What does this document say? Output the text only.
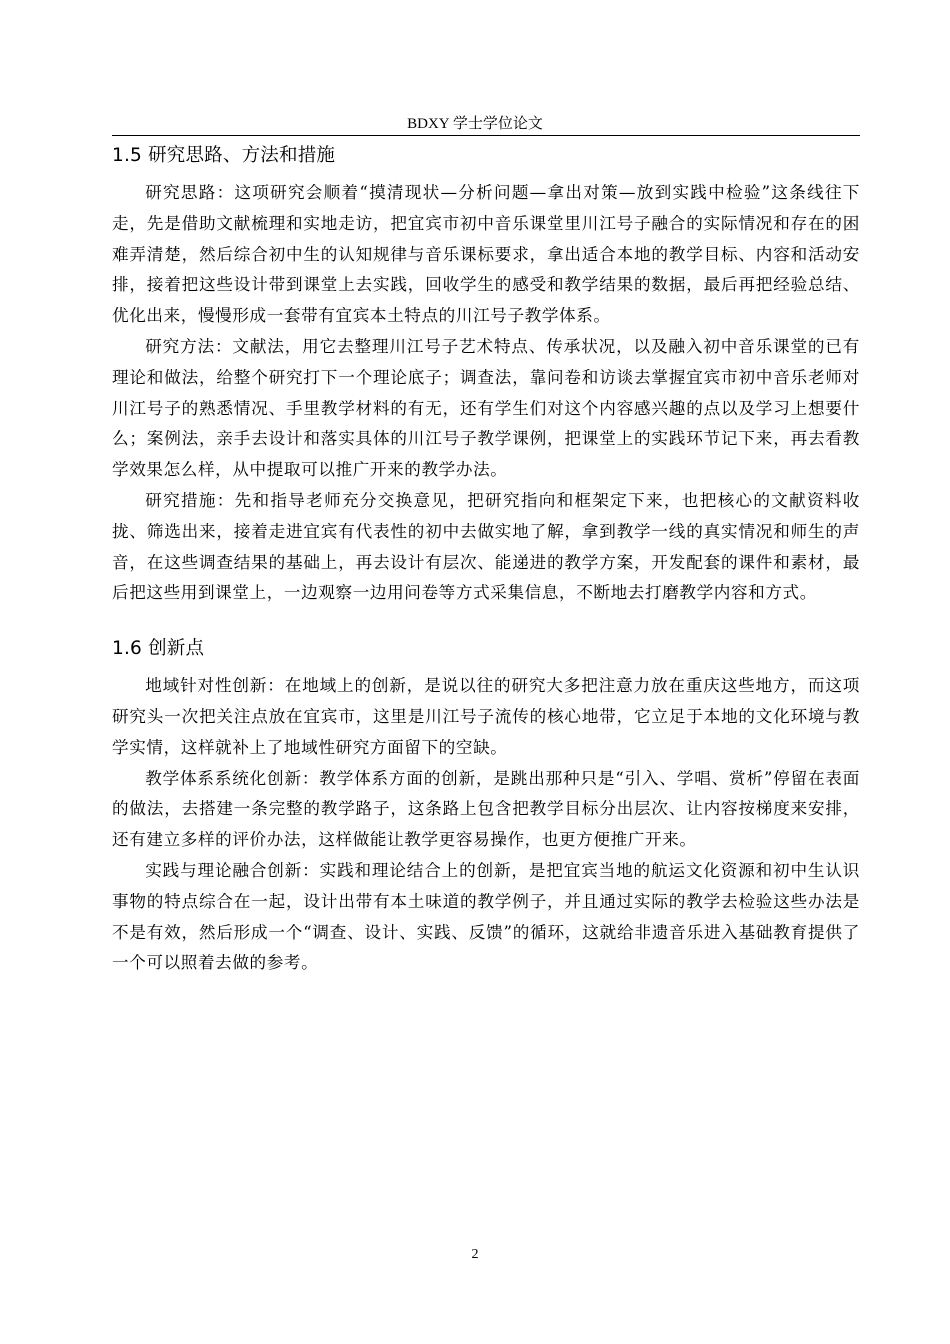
BDXY 学士学位论文
1.5 研究思路、方法和措施

研究思路：这项研究会顺着“摸清现状—分析问题—拿出对策—放到实践中检验”这条线往下走，先是借助文献梳理和实地走访，把宜宾市初中音乐课堂里川江号子融合的实际情况和存在的困难弄清楚，然后综合初中生的认知规律与音乐课标要求，拿出适合本地的教学目标、内容和活动安排，接着把这些设计带到课堂上去实践，回收学生的感受和教学结果的数据，最后再把经验总结、优化出来，慢慢形成一套带有宜宾本土特点的川江号子教学体系。

研究方法：文献法，用它去整理川江号子艺术特点、传承状况，以及融入初中音乐课堂的已有理论和做法，给整个研究打下一个理论底子；调查法，靠问卷和访谈去掌握宜宾市初中音乐老师对川江号子的熟悉情况、手里教学材料的有无，还有学生们对这个内容感兴趣的点以及学习上想要什么；案例法，亲手去设计和落实具体的川江号子教学课例，把课堂上的实践环节记下来，再去看教学效果怎么样，从中提取可以推广开来的教学办法。

研究措施：先和指导老师充分交换意见，把研究指向和框架定下来，也把核心的文献资料收拢、筛选出来，接着走进宜宾有代表性的初中去做实地了解，拿到教学一线的真实情况和师生的声音，在这些调查结果的基础上，再去设计有层次、能递进的教学方案，开发配套的课件和素材，最后把这些用到课堂上，一边观察一边用问卷等方式采集信息，不断地去打磨教学内容和方式。

1.6 创新点

地域针对性创新：在地域上的创新，是说以往的研究大多把注意力放在重庆这些地方，而这项研究头一次把关注点放在宜宾市，这里是川江号子流传的核心地带，它立足于本地的文化环境与教学实情，这样就补上了地域性研究方面留下的空缺。

教学体系系统化创新：教学体系方面的创新，是跳出那种只是“引入、学唱、赏析”停留在表面的做法，去搭建一条完整的教学路子，这条路上包含把教学目标分出层次、让内容按梯度来安排，还有建立多样的评价办法，这样做能让教学更容易操作，也更方便推广开来。

实践与理论融合创新：实践和理论结合上的创新，是把宜宾当地的航运文化资源和初中生认识事物的特点综合在一起，设计出带有本土味道的教学例子，并且通过实际的教学去检验这些办法是不是有效，然后形成一个“调查、设计、实践、反馈”的循环，这就给非遗音乐进入基础教育提供了一个可以照着去做的参考。

2
